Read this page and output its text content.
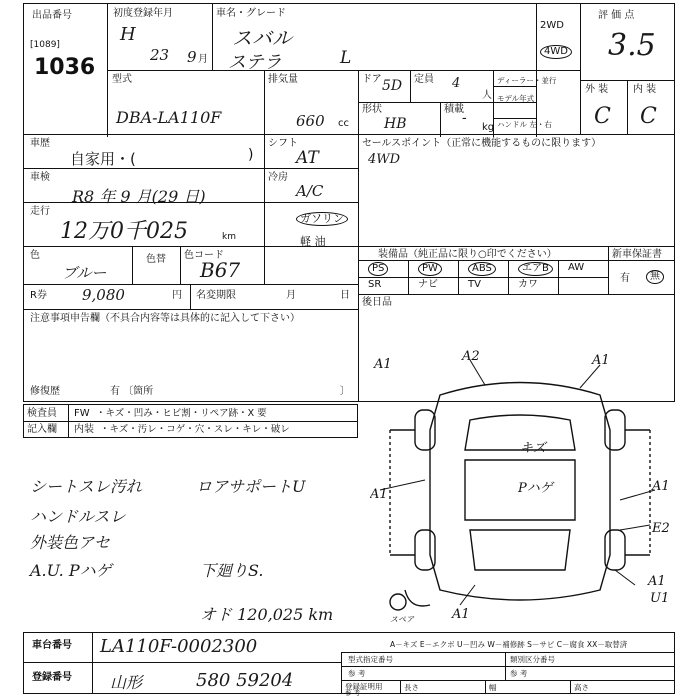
出品番号
[1089]
1036
初度登録年月
H
23 9 月
車名・グレード
スバル
ステラ	L
2WD
4WD
評 価 点
3.5
型式
DBA-LA110F
排気量
660 cc
ドア 5D 定員 4
人
形状
HB
積載
-
kg
ディーラー・並行
モデル年式
ハンドル 左・右
外 装 内 装
C C
車歴
自家用・(	)
車検
R8 年 9 月(29 日)
走行
12万0千025	km
色
ブルー
色替 色コード
B67
シフト
AT
冷房
A/C
ガソリン
軽 油
R券 9,080	円 名変期限	月	日
セールスポイント（正常に機能するものに限ります）
4WD
装備品（純正品に限り○印でください）	新車保証書
有	無
後日品
PS	PW	ABS	エアB	AW
SR	ナビ	TV	カワ
注意事項申告欄（不具合内容等は具体的に記入して下さい）
修復歴	有 〔箇所	〕
検査員
記入欄
FW ・キズ・凹み・ヒビ割・リペア跡・X 要
内装 ・キズ・汚レ・コゲ・穴・スレ・キレ・破レ
シートスレ汚れ	ロアサポートU
ハンドルスレ
外装色アセ
A.U. Pハゲ	下廻りS.
オド 120,025 km
A2	A1
A1
キズ
Pハゲ	A1
A1
E2
A1
U1
A1
スペア
車台番号 LA110F-0002300
登録番号 山形	580 59204
A－キズ E－エクボ U－凹み W－補修跡 S－サビ C－腐食 XX－取替済
型式指定番号	類別区分番号
参 考	参 考
登録証明用
参 考
長さ	幅	高さ
